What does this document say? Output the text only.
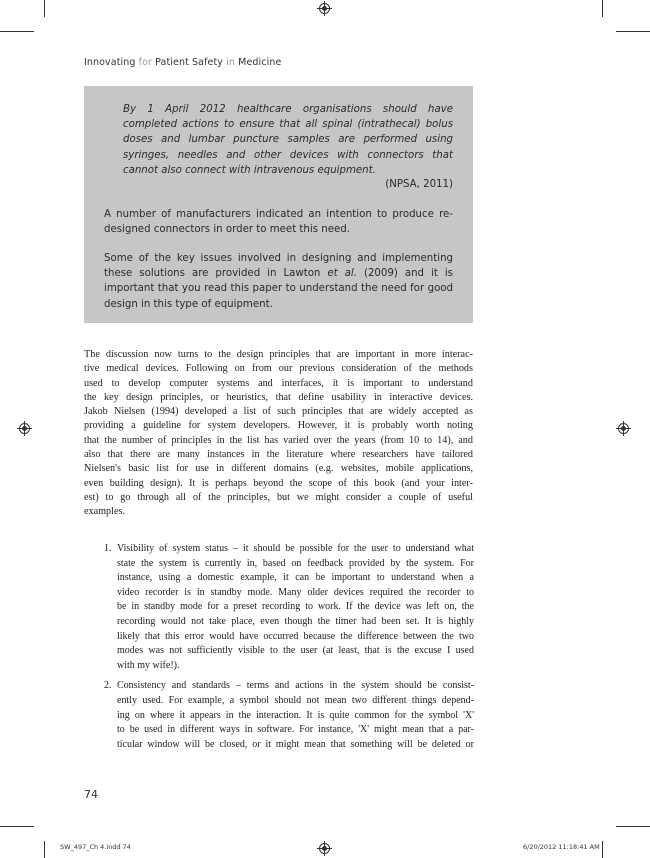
Innovating for Patient Safety in Medicine
By 1 April 2012 healthcare organisations should have completed actions to ensure that all spinal (intrathecal) bolus doses and lumbar puncture samples are performed using syringes, needles and other devices with connectors that cannot also connect with intravenous equipment.
(NPSA, 2011)
A number of manufacturers indicated an intention to produce re-designed connectors in order to meet this need.
Some of the key issues involved in designing and implementing these solutions are provided in Lawton et al. (2009) and it is important that you read this paper to understand the need for good design in this type of equipment.
The discussion now turns to the design principles that are important in more interac-
tive medical devices. Following on from our previous consideration of the methods
used to develop computer systems and interfaces, it is important to understand
the key design principles, or heuristics, that define usability in interactive devices.
Jakob Nielsen (1994) developed a list of such principles that are widely accepted as
providing a guideline for system developers. However, it is probably worth noting
that the number of principles in the list has varied over the years (from 10 to 14), and
also that there are many instances in the literature where researchers have tailored
Nielsen's basic list for use in different domains (e.g. websites, mobile applications,
even building design). It is perhaps beyond the scope of this book (and your inter-
est) to go through all of the principles, but we might consider a couple of useful
examples.
1. Visibility of system status – it should be possible for the user to understand what
state the system is currently in, based on feedback provided by the system. For
instance, using a domestic example, it can be important to understand when a
video recorder is in standby mode. Many older devices required the recorder to
be in standby mode for a preset recording to work. If the device was left on, the
recording would not take place, even though the timer had been set. It is highly
likely that this error would have occurred because the difference between the two
modes was not sufficiently visible to the user (at least, that is the excuse I used
with my wife!).
2. Consistency and standards – terms and actions in the system should be consist-
ently used. For example, a symbol should not mean two different things depend-
ing on where it appears in the interaction. It is quite common for the symbol 'X'
to be used in different ways in software. For instance, 'X' might mean that a par-
ticular window will be closed, or it might mean that something will be deleted or
74
SW_497_Ch 4.indd 74	6/20/2012 11:18:41 AM
